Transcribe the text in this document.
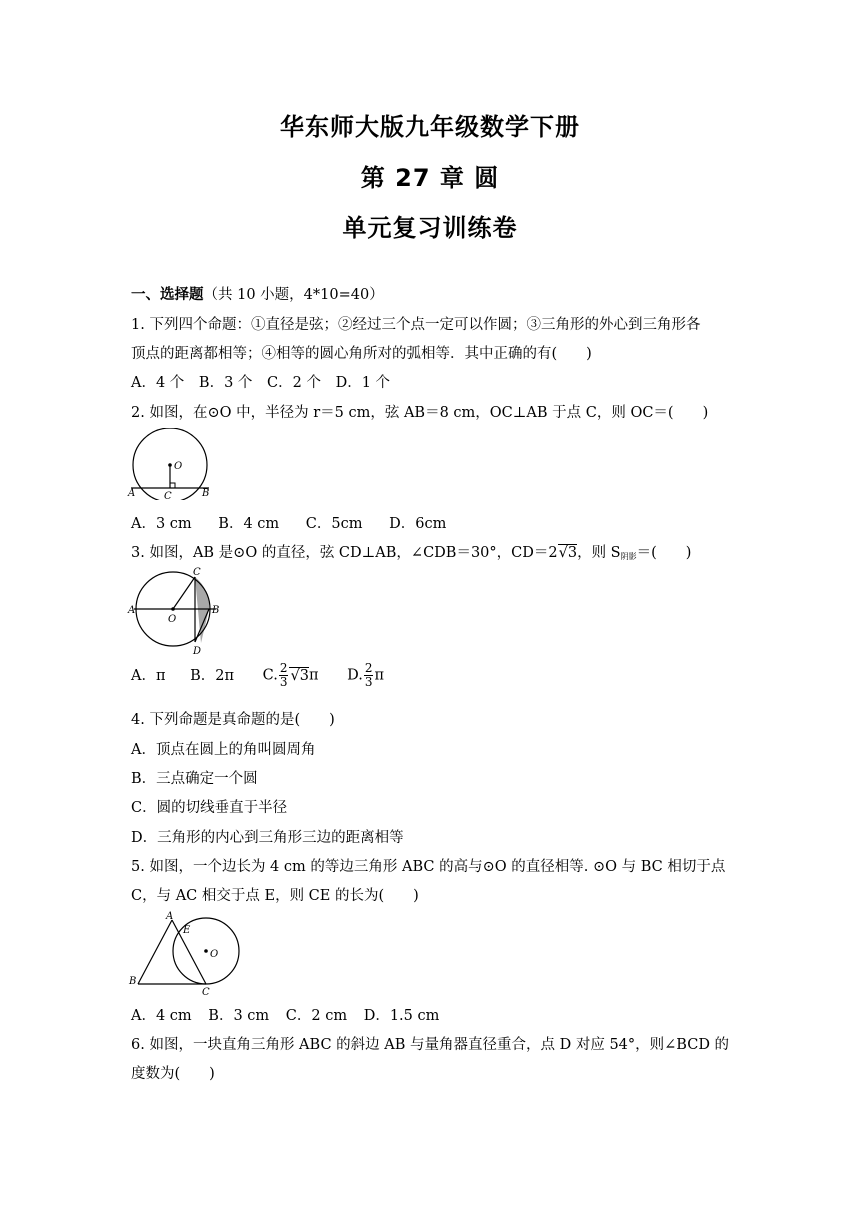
华东师大版九年级数学下册
第 27 章 圆
单元复习训练卷
一、选择题（共 10 小题，4*10=40）
1. 下列四个命题：①直径是弦；②经过三个点一定可以作圆；③三角形的外心到三角形各
顶点的距离都相等；④相等的圆心角所对的弧相等．其中正确的有(　　)
A．4 个 B．3 个 C．2 个 D．1 个
2. 如图，在⊙O 中，半径为 r＝5 cm，弦 AB＝8 cm，OC⊥AB 于点 C，则 OC＝(　　)
O
A	B
C
A．3 cm B．4 cm C．5cm D．6cm
3. 如图，AB 是⊙O 的直径，弦 CD⊥AB，∠CDB＝30°，CD＝2√3，则 $S_{阴影}=$(　　)
O
A	B
C
D
A．π B．2π C. $\frac{2}{3} √3\pi$ D. $\frac{2}{3}$ π
4. 下列命题是真命题的是(　　)
A．顶点在圆上的角叫圆周角
B．三点确定一个圆
C．圆的切线垂直于半径
D．三角形的内心到三角形三边的距离相等
5. 如图，一个边长为 4 cm 的等边三角形 ABC 的高与⊙O 的直径相等. ⊙O 与 BC 相切于点
C，与 AC 相交于点 E，则 CE 的长为(　　)
A
E
O
B
C
A．4 cm B．3 cm C．2 cm D．1.5 cm
6. 如图，一块直角三角形 ABC 的斜边 AB 与量角器直径重合，点 D 对应 54°，则∠BCD 的
度数为(　　)
